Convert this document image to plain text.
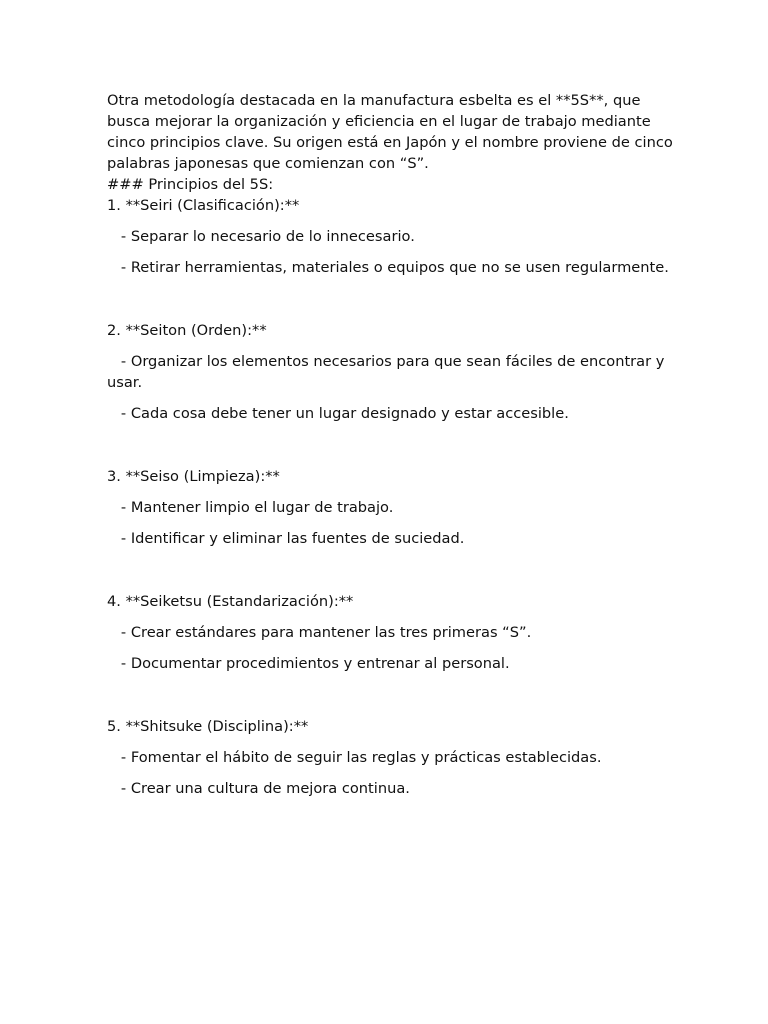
Otra metodología destacada en la manufactura esbelta es el **5S**, que busca mejorar la organización y eficiencia en el lugar de trabajo mediante cinco principios clave. Su origen está en Japón y el nombre proviene de cinco palabras japonesas que comienzan con “S”.

### Principios del 5S:

1. **Seiri (Clasificación):**

- Separar lo necesario de lo innecesario.

- Retirar herramientas, materiales o equipos que no se usen regularmente.

2. **Seiton (Orden):**

- Organizar los elementos necesarios para que sean fáciles de encontrar y usar.

- Cada cosa debe tener un lugar designado y estar accesible.

3. **Seiso (Limpieza):**

- Mantener limpio el lugar de trabajo.

- Identificar y eliminar las fuentes de suciedad.

4. **Seiketsu (Estandarización):**

- Crear estándares para mantener las tres primeras “S”.

- Documentar procedimientos y entrenar al personal.

5. **Shitsuke (Disciplina):**

- Fomentar el hábito de seguir las reglas y prácticas establecidas.

- Crear una cultura de mejora continua.
